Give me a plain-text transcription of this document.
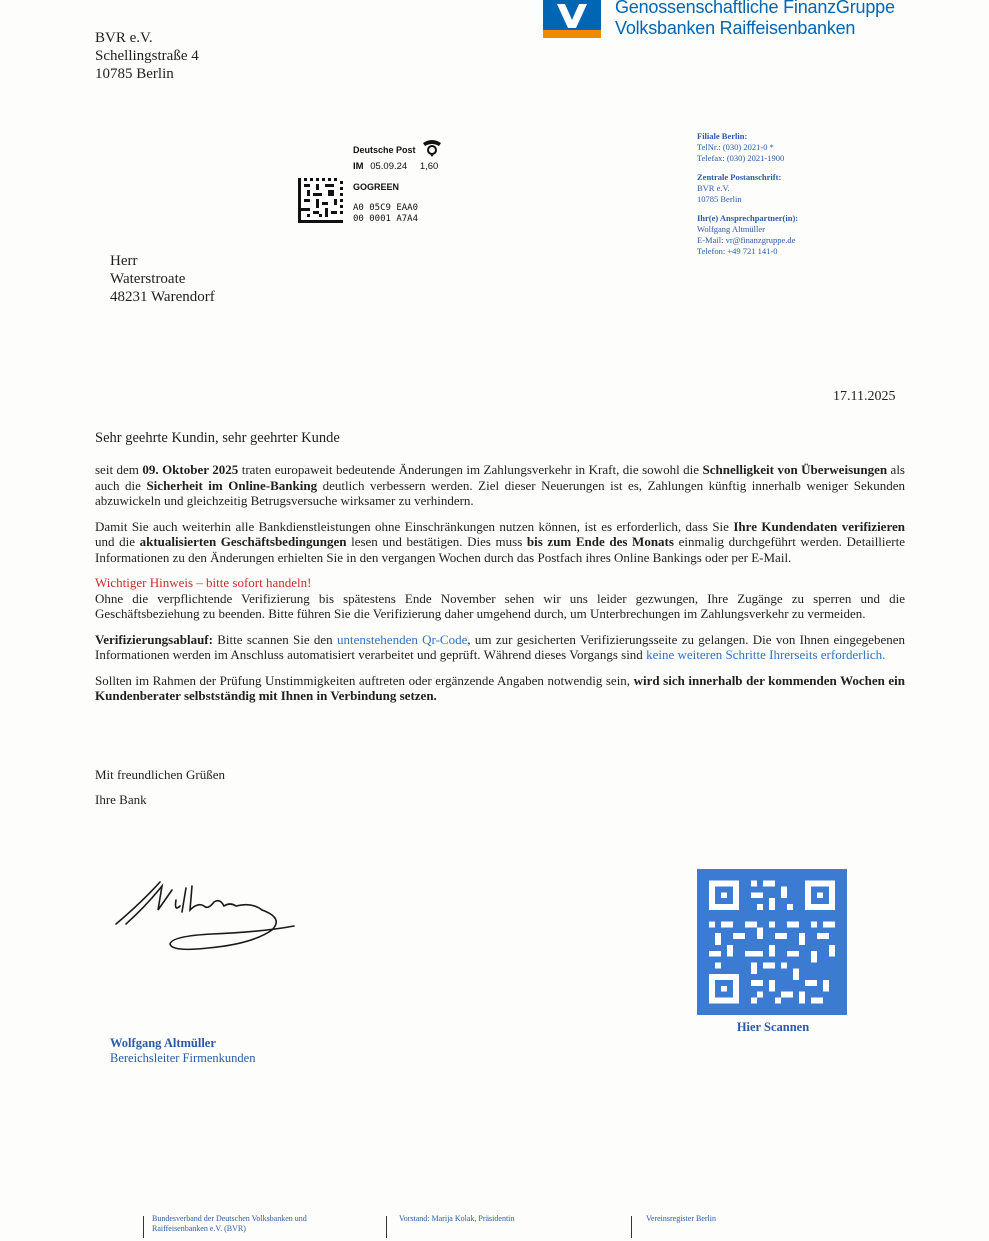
BVR e.V.
Schellingstraße 4
10785 Berlin
Genossenschaftliche FinanzGruppe
Volksbanken Raiffeisenbanken
Deutsche Post
IM 05.09.24 1,60
GOGREEN
A0 05C9 EAA0
00 0001 A7A4
Filiale Berlin:
TelNr.: (030) 2021-0 *
Telefax: (030) 2021-1900
Zentrale Postanschrift:
BVR e.V.
10785 Berlin
Ihr(e) Ansprechpartner(in):
Wolfgang Altmüller
E-Mail: vr@finanzgruppe.de
Telefon: +49 721 141-0
Herr
Waterstroate
48231 Warendorf
17.11.2025
Sehr geehrte Kundin, sehr geehrter Kunde

seit dem 09. Oktober 2025 traten europaweit bedeutende Änderungen im Zahlungsverkehr in Kraft, die sowohl die Schnelligkeit von Überweisungen als auch die Sicherheit im Online-Banking deutlich verbessern werden. Ziel dieser Neuerungen ist es, Zahlungen künftig innerhalb weniger Sekunden abzuwickeln und gleichzeitig Betrugsversuche wirksamer zu verhindern.

Damit Sie auch weiterhin alle Bankdienstleistungen ohne Einschränkungen nutzen können, ist es erforderlich, dass Sie Ihre Kundendaten verifizieren und die aktualisierten Geschäftsbedingungen lesen und bestätigen. Dies muss bis zum Ende des Monats einmalig durchgeführt werden. Detaillierte Informationen zu den Änderungen erhielten Sie in den vergangen Wochen durch das Postfach ihres Online Bankings oder per E-Mail.

Wichtiger Hinweis – bitte sofort handeln!
Ohne die verpflichtende Verifizierung bis spätestens Ende November sehen wir uns leider gezwungen, Ihre Zugänge zu sperren und die Geschäftsbeziehung zu beenden. Bitte führen Sie die Verifizierung daher umgehend durch, um Unterbrechungen im Zahlungsverkehr zu vermeiden.

Verifizierungsablauf: Bitte scannen Sie den untenstehenden Qr-Code, um zur gesicherten Verifizierungsseite zu gelangen. Die von Ihnen eingegebenen Informationen werden im Anschluss automatisiert verarbeitet und geprüft. Während dieses Vorgangs sind keine weiteren Schritte Ihrerseits erforderlich.

Sollten im Rahmen der Prüfung Unstimmigkeiten auftreten oder ergänzende Angaben notwendig sein, wird sich innerhalb der kommenden Wochen ein Kundenberater selbstständig mit Ihnen in Verbindung setzen.

Mit freundlichen Grüßen
Ihre Bank
Wolfgang Altmüller
Bereichsleiter Firmenkunden
Hier Scannen
Bundesverband der Deutschen Volksbanken und
Raiffeisenbanken e.V. (BVR)
Vorstand: Marija Kolak, Präsidentin	Vereinsregister Berlin
